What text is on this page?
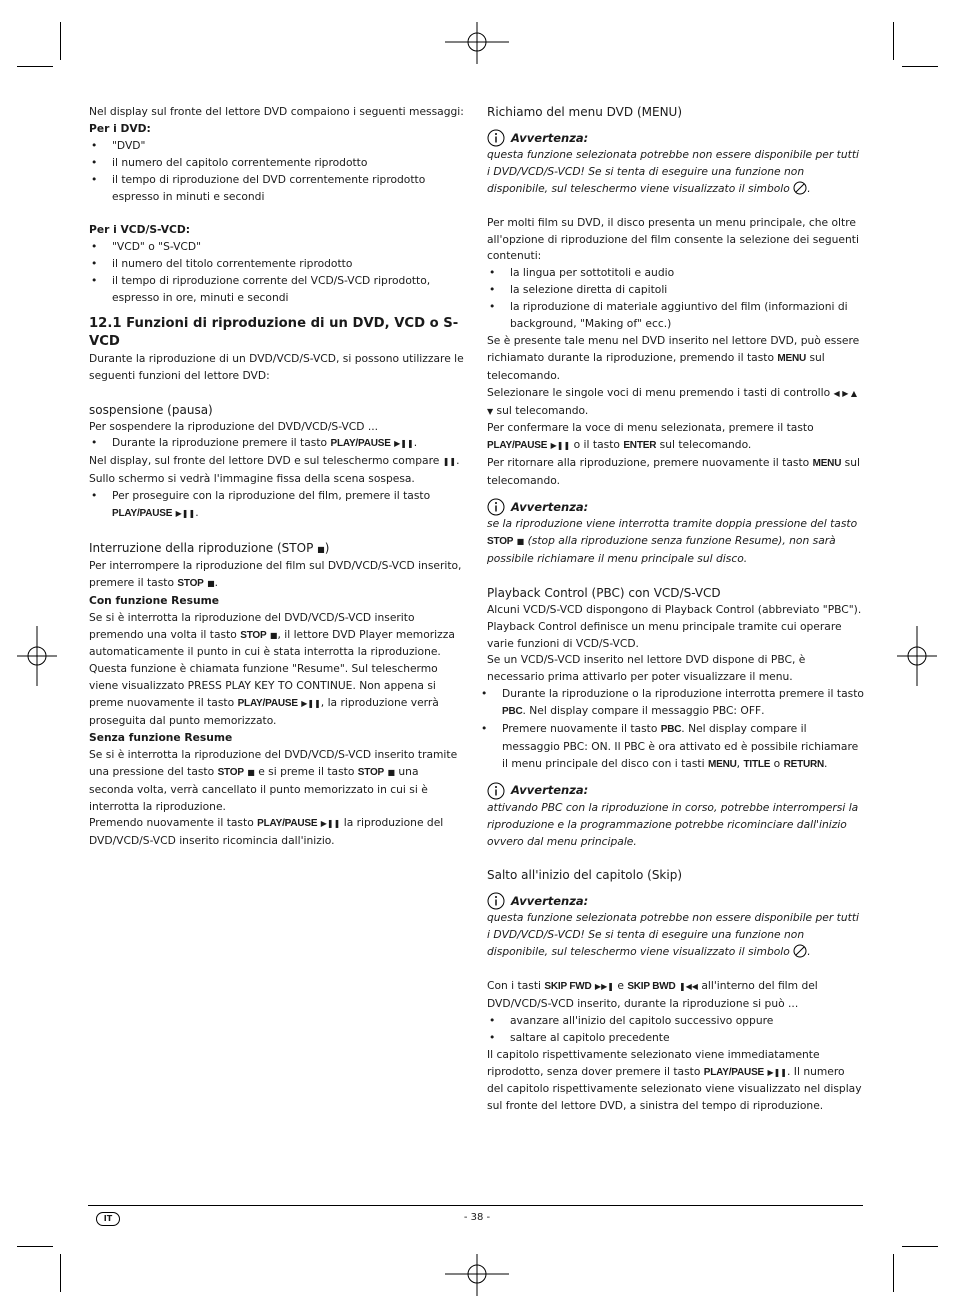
Nel display sul fronte del lettore DVD compaiono i seguenti messaggi:

Per i DVD:

• "DVD"
• il numero del capitolo correntemente riprodotto
• il tempo di riproduzione del DVD correntemente riprodotto espresso in minuti e secondi

Per i VCD/S-VCD:

• "VCD" o "S-VCD"
• il numero del titolo correntemente riprodotto
• il tempo di riproduzione corrente del VCD/S-VCD riprodotto, espresso in ore, minuti e secondi

12.1 Funzioni di riproduzione di un DVD, VCD o S-VCD

Durante la riproduzione di un DVD/VCD/S-VCD, si possono utilizzare le seguenti funzioni del lettore DVD:

sospensione (pausa)

Per sospendere la riproduzione del DVD/VCD/S-VCD ...

• Durante la riproduzione premere il tasto PLAY/PAUSE ▶❚❚.

Nel display, sul fronte del lettore DVD e sul teleschermo compare ❚❚.

Sullo schermo si vedrà l'immagine fissa della scena sospesa.

• Per proseguire con la riproduzione del film, premere il tasto
PLAY/PAUSE ▶❚❚.

Interruzione della riproduzione (STOP ■)

Per interrompere la riproduzione del film sul DVD/VCD/S-VCD inserito, premere il tasto STOP ■.

Con funzione Resume

Se si è interrotta la riproduzione del DVD/VCD/S-VCD inserito premendo una volta il tasto STOP ■, il lettore DVD Player memorizza automaticamente il punto in cui è stata interrotta la riproduzione. Questa funzione è chiamata funzione "Resume". Sul teleschermo viene visualizzato PRESS PLAY KEY TO CONTINUE. Non appena si preme nuovamente il tasto PLAY/PAUSE ▶❚❚, la riproduzione verrà proseguita dal punto memorizzato.

Senza funzione Resume

Se si è interrotta la riproduzione del DVD/VCD/S-VCD inserito tramite una pressione del tasto STOP ■ e si preme il tasto STOP ■ una seconda volta, verrà cancellato il punto memorizzato in cui si è interrotta la riproduzione.

Premendo nuovamente il tasto PLAY/PAUSE ▶❚❚ la riproduzione del DVD/VCD/S-VCD inserito ricomincia dall'inizio.

Richiamo del menu DVD (MENU)

Avvertenza:

questa funzione selezionata potrebbe non essere disponibile per tutti i DVD/VCD/S-VCD! Se si tenta di eseguire una funzione non disponibile, sul teleschermo viene visualizzato il simbolo .

Per molti film su DVD, il disco presenta un menu principale, che oltre all'opzione di riproduzione del film consente la selezione dei seguenti contenuti:

• la lingua per sottotitoli e audio
• la selezione diretta di capitoli
• la riproduzione di materiale aggiuntivo del film (informazioni di background, "Making of" ecc.)

Se è presente tale menu nel DVD inserito nel lettore DVD, può essere richiamato durante la riproduzione, premendo il tasto MENU sul telecomando.

Selezionare le singole voci di menu premendo i tasti di controllo ◀ ▶ ▲ ▼ sul telecomando.

Per confermare la voce di menu selezionata, premere il tasto PLAY/PAUSE ▶❚❚ o il tasto ENTER sul telecomando.

Per ritornare alla riproduzione, premere nuovamente il tasto MENU sul telecomando.

Avvertenza:

se la riproduzione viene interrotta tramite doppia pressione del tasto STOP ■ (stop alla riproduzione senza funzione Resume), non sarà possibile richiamare il menu principale sul disco.

Playback Control (PBC) con VCD/S-VCD

Alcuni VCD/S-VCD dispongono di Playback Control (abbreviato "PBC"). Playback Control definisce un menu principale tramite cui operare varie funzioni di VCD/S-VCD.

Se un VCD/S-VCD inserito nel lettore DVD dispone di PBC, è necessario prima attivarlo per poter visualizzare il menu.

• Durante la riproduzione o la riproduzione interrotta premere il tasto PBC. Nel display compare il messaggio PBC: OFF.
• Premere nuovamente il tasto PBC. Nel display compare il messaggio PBC: ON. Il PBC è ora attivato ed è possibile richiamare il menu principale del disco con i tasti MENU, TITLE o RETURN.

Avvertenza:

attivando PBC con la riproduzione in corso, potrebbe interrompersi la riproduzione e la programmazione potrebbe ricominciare dall'inizio ovvero dal menu principale.

Salto all'inizio del capitolo (Skip)

Avvertenza:

questa funzione selezionata potrebbe non essere disponibile per tutti i DVD/VCD/S-VCD! Se si tenta di eseguire una funzione non disponibile, sul teleschermo viene visualizzato il simbolo .

Con i tasti SKIP FWD ▶▶❚ e SKIP BWD ❚◀◀ all'interno del film del DVD/VCD/S-VCD inserito, durante la riproduzione si può ...

• avanzare all'inizio del capitolo successivo oppure
• saltare al capitolo precedente

Il capitolo rispettivamente selezionato viene immediatamente riprodotto, senza dover premere il tasto PLAY/PAUSE ▶❚❚. Il numero del capitolo rispettivamente selezionato viene visualizzato nel display sul fronte del lettore DVD, a sinistra del tempo di riproduzione.

IT	- 38 -
